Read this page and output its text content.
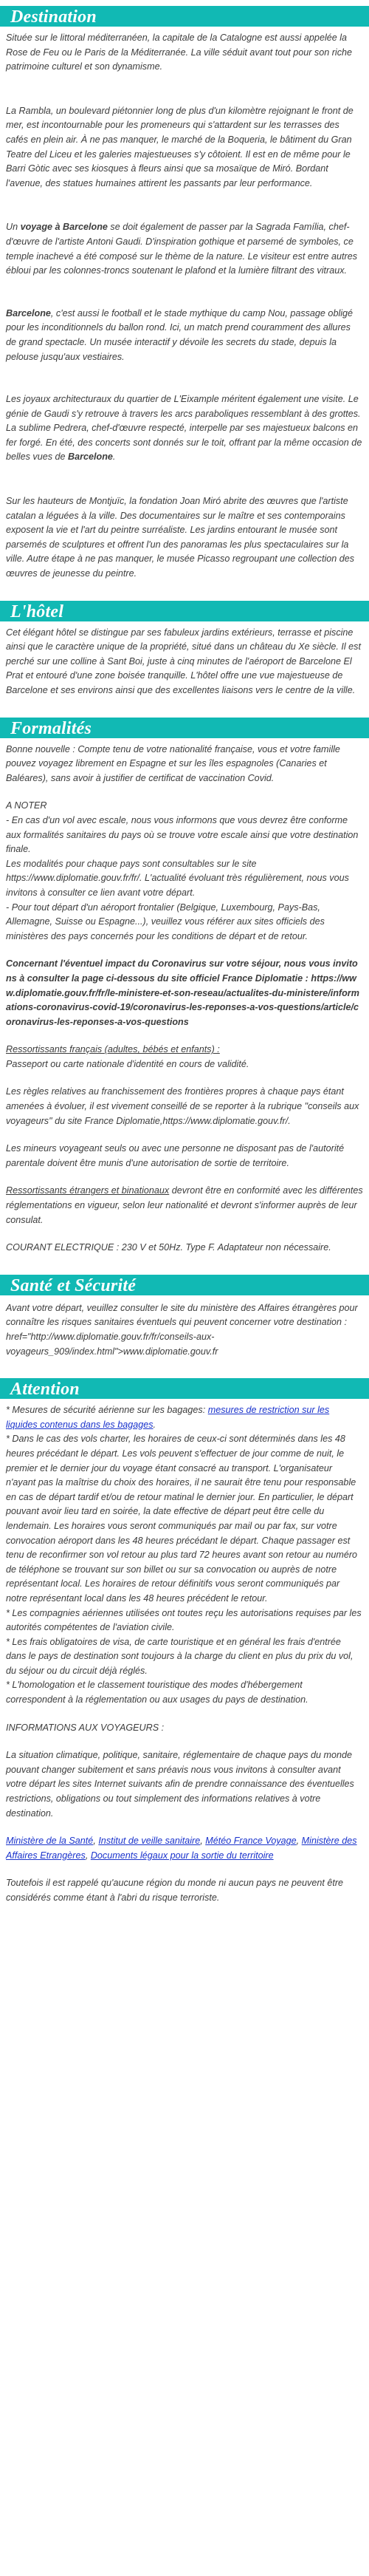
Destination

Située sur le littoral méditerranéen, la capitale de la Catalogne est aussi appelée la Rose de Feu ou le Paris de la Méditerranée. La ville séduit avant tout pour son riche patrimoine culturel et son dynamisme.

La Rambla, un boulevard piétonnier long de plus d'un kilomètre rejoignant le front de mer, est incontournable pour les promeneurs qui s'attardent sur les terrasses des cafés en plein air. À ne pas manquer, le marché de la Boqueria, le bâtiment du Gran Teatre del Liceu et les galeries majestueuses s'y côtoient. Il est en de même pour le Barri Gòtic avec ses kiosques à fleurs ainsi que sa mosaïque de Miró. Bordant l'avenue, des statues humaines attirent les passants par leur performance.

Un voyage à Barcelone se doit également de passer par la Sagrada Família, chef-d'œuvre de l'artiste Antoni Gaudi. D'inspiration gothique et parsemé de symboles, ce temple inachevé a été composé sur le thème de la nature. Le visiteur est entre autres ébloui par les colonnes-troncs soutenant le plafond et la lumière filtrant des vitraux.

Barcelone, c'est aussi le football et le stade mythique du camp Nou, passage obligé pour les inconditionnels du ballon rond. Ici, un match prend couramment des allures de grand spectacle. Un musée interactif y dévoile les secrets du stade, depuis la pelouse jusqu'aux vestiaires.

Les joyaux architecturaux du quartier de L'Eixample méritent également une visite. Le génie de Gaudi s'y retrouve à travers les arcs paraboliques ressemblant à des grottes. La sublime Pedrera, chef-d'œuvre respecté, interpelle par ses majestueux balcons en fer forgé. En été, des concerts sont donnés sur le toit, offrant par la même occasion de belles vues de Barcelone.

Sur les hauteurs de Montjuïc, la fondation Joan Miró abrite des œuvres que l'artiste catalan a léguées à la ville. Des documentaires sur le maître et ses contemporains exposent la vie et l'art du peintre surréaliste. Les jardins entourant le musée sont parsemés de sculptures et offrent l'un des panoramas les plus spectaculaires sur la ville. Autre étape à ne pas manquer, le musée Picasso regroupant une collection des œuvres de jeunesse du peintre.

L'hôtel

Cet élégant hôtel se distingue par ses fabuleux jardins extérieurs, terrasse et piscine ainsi que le caractère unique de la propriété, situé dans un château du Xe siècle. Il est perché sur une colline à Sant Boi, juste à cinq minutes de l'aéroport de Barcelone El Prat et entouré d'une zone boisée tranquille. L'hôtel offre une vue majestueuse de Barcelone et ses environs ainsi que des excellentes liaisons vers le centre de la ville.

Formalités

Bonne nouvelle : Compte tenu de votre nationalité française, vous et votre famille pouvez voyagez librement en Espagne et sur les îles espagnoles (Canaries et Baléares), sans avoir à justifier de certificat de vaccination Covid.

A NOTER
- En cas d'un vol avec escale, nous vous informons que vous devrez être conforme aux formalités sanitaires du pays où se trouve votre escale ainsi que votre destination finale.
Les modalités pour chaque pays sont consultables sur le site https://www.diplomatie.gouv.fr/fr/. L'actualité évoluant très régulièrement, nous vous invitons à consulter ce lien avant votre départ.
- Pour tout départ d'un aéroport frontalier (Belgique, Luxembourg, Pays-Bas, Allemagne, Suisse ou Espagne...), veuillez vous référer aux sites officiels des ministères des pays concernés pour les conditions de départ et de retour.

Concernant l'éventuel impact du Coronavirus sur votre séjour, nous vous invitons à consulter la page ci-dessous du site officiel France Diplomatie : https://www.diplomatie.gouv.fr/fr/le-ministere-et-son-reseau/actualites-du-ministere/informations-coronavirus-covid-19/coronavirus-les-reponses-a-vos-questions/article/coronavirus-les-reponses-a-vos-questions

Ressortissants français (adultes, bébés et enfants) :
Passeport ou carte nationale d'identité en cours de validité.

Les règles relatives au franchissement des frontières propres à chaque pays étant amenées à évoluer, il est vivement conseillé de se reporter à la rubrique "conseils aux voyageurs" du site France Diplomatie,https://www.diplomatie.gouv.fr/.

Les mineurs voyageant seuls ou avec une personne ne disposant pas de l'autorité parentale doivent être munis d'une autorisation de sortie de territoire.

Ressortissants étrangers et binationaux devront être en conformité avec les différentes réglementations en vigueur, selon leur nationalité et devront s'informer auprès de leur consulat.

COURANT ELECTRIQUE : 230 V et 50Hz. Type F. Adaptateur non nécessaire.

Santé et Sécurité

Avant votre départ, veuillez consulter le site du ministère des Affaires étrangères pour connaître les risques sanitaires éventuels qui peuvent concerner votre destination : href="http://www.diplomatie.gouv.fr/fr/conseils-aux-voyageurs_909/index.html">www.diplomatie.gouv.fr

Attention
* Mesures de sécurité aérienne sur les bagages: mesures de restriction sur les liquides contenus dans les bagages.

* Dans le cas des vols charter, les horaires de ceux-ci sont déterminés dans les 48 heures précédant le départ. Les vols peuvent s'effectuer de jour comme de nuit, le premier et le dernier jour du voyage étant consacré au transport. L'organisateur n'ayant pas la maîtrise du choix des horaires, il ne saurait être tenu pour responsable en cas de départ tardif et/ou de retour matinal le dernier jour. En particulier, le départ pouvant avoir lieu tard en soirée, la date effective de départ peut être celle du lendemain. Les horaires vous seront communiqués par mail ou par fax, sur votre convocation aéroport dans les 48 heures précédant le départ. Chaque passager est tenu de reconfirmer son vol retour au plus tard 72 heures avant son retour au numéro de téléphone se trouvant sur son billet ou sur sa convocation ou auprès de notre représentant local. Les horaires de retour définitifs vous seront communiqués par notre représentant local dans les 48 heures précédent le retour.
* Les compagnies aériennes utilisées ont toutes reçu les autorisations requises par les autorités compétentes de l'aviation civile.
* Les frais obligatoires de visa, de carte touristique et en général les frais d'entrée dans le pays de destination sont toujours à la charge du client en plus du prix du vol, du séjour ou du circuit déjà réglés.
* L'homologation et le classement touristique des modes d'hébergement correspondent à la réglementation ou aux usages du pays de destination.

INFORMATIONS AUX VOYAGEURS :

La situation climatique, politique, sanitaire, réglementaire de chaque pays du monde pouvant changer subitement et sans préavis nous vous invitons à consulter avant votre départ les sites Internet suivants afin de prendre connaissance des éventuelles restrictions, obligations ou tout simplement des informations relatives à votre destination.

Ministère de la Santé, Institut de veille sanitaire, Météo France Voyage, Ministère des Affaires Etrangères, Documents légaux pour la sortie du territoire

Toutefois il est rappelé qu'aucune région du monde ni aucun pays ne peuvent être considérés comme étant à l'abri du risque terroriste.
